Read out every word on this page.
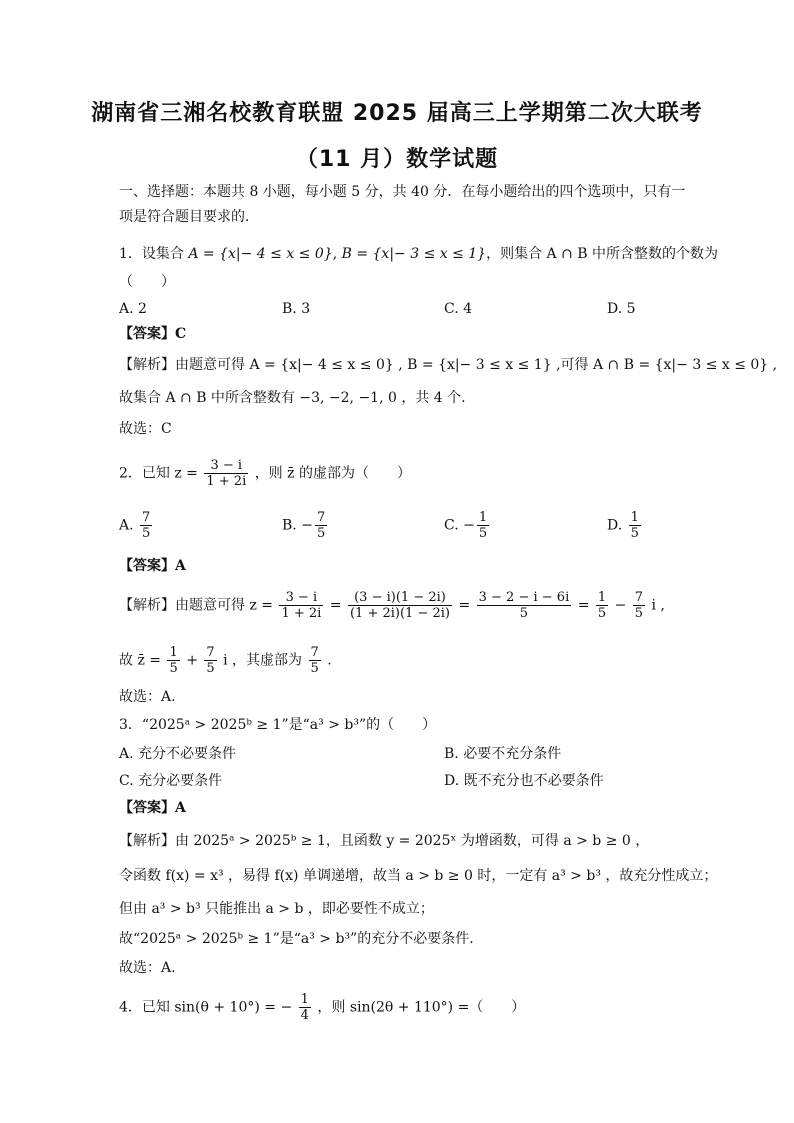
湖南省三湘名校教育联盟 2025 届高三上学期第二次大联考
（11 月）数学试题
一、选择题：本题共 8 小题，每小题 5 分，共 40 分．在每小题给出的四个选项中，只有一
项是符合题目要求的．
1．设集合 A = {x|− 4 ≤ x ≤ 0}, B = {x|− 3 ≤ x ≤ 1}，则集合 A ∩ B 中所含整数的个数为
（　　）
A. 2	B. 3	C. 4	D. 5
【答案】C
【解析】由题意可得 A = {x|− 4 ≤ x ≤ 0} , B = {x|− 3 ≤ x ≤ 1} ,可得 A ∩ B = {x|− 3 ≤ x ≤ 0} ,
故集合 A ∩ B 中所含整数有 −3, −2, −1, 0 ，共 4 个.
故选：C
2．已知 $z = \frac{3 - i}{1 + 2i}$ ，则 z̄ 的虚部为（　　）
A. $\frac{7}{5}$	B. − $\frac{7}{5}$	C. − $\frac{1}{5}$	D. $\frac{1}{5}$
【答案】A
【解析】由题意可得 $z = \frac{3 - i}{1 + 2i} = \frac{(3 - i)(1 - 2i)}{(1 + 2i)(1 - 2i)} = \frac{3 - 2 - i - 6i}{5} = \frac{1}{5} - \frac{7}{5}$ i ,
故 z̄ = $\frac{1}{5} + \frac{7}{5}$ i ，其虚部为 $\frac{7}{5}$ .
故选：A.
3．“2025ᵃ > 2025ᵇ ≥ 1”是“a³ > b³”的（　　）
A. 充分不必要条件	B. 必要不充分条件
C. 充分必要条件	D. 既不充分也不必要条件
【答案】A
【解析】由 2025ᵃ > 2025ᵇ ≥ 1，且函数 y = 2025ˣ 为增函数，可得 a > b ≥ 0 ，
令函数 f(x) = x³ ，易得 f(x) 单调递增，故当 a > b ≥ 0 时，一定有 a³ > b³ ，故充分性成立；
但由 a³ > b³ 只能推出 a > b ，即必要性不成立；
故“2025ᵃ > 2025ᵇ ≥ 1”是“a³ > b³”的充分不必要条件.
故选：A.
4．已知 sin(θ + 10°) = − $\frac{1}{4}$ ，则 sin(2θ + 110°) =（　　）
